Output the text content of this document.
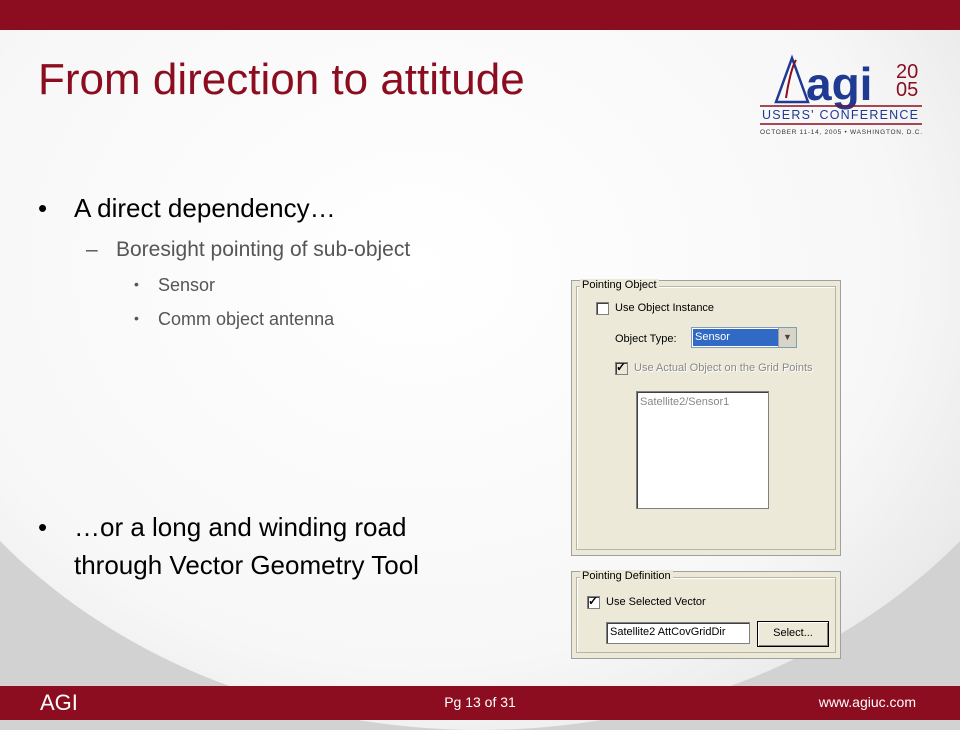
From direction to attitude	agi 20
05
USERS' CONFERENCE
OCTOBER 11-14, 2005 • WASHINGTON, D.C.
• A direct dependency…
– Boresight pointing of sub-object
• Sensor
• Comm object antenna
• …or a long and winding road
through Vector Geometry Tool
Pointing Object
Use Object Instance
Object Type: Sensor	▼
✓
Use Actual Object on the Grid Points
Satellite2/Sensor1
Pointing Definition
✓
Use Selected Vector
Satellite2 AttCovGridDir	Select...
AGI	Pg 13 of 31	www.agiuc.com
